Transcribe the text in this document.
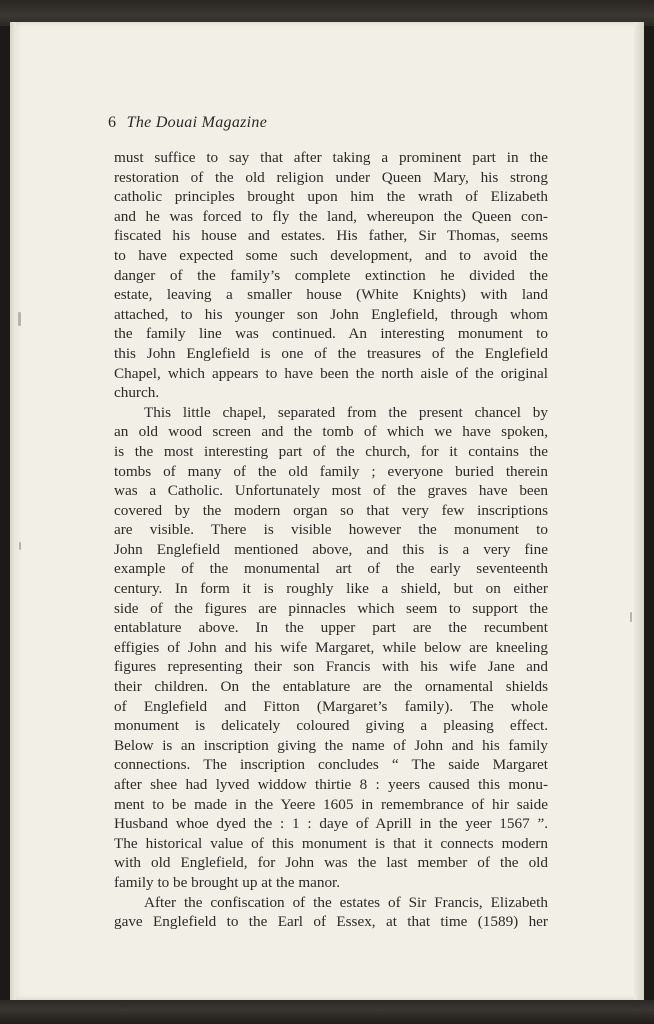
6 The Douai Magazine
must suffice to say that after taking a prominent part in the
restoration of the old religion under Queen Mary, his strong
catholic principles brought upon him the wrath of Elizabeth
and he was forced to fly the land, whereupon the Queen con-
fiscated his house and estates. His father, Sir Thomas, seems
to have expected some such development, and to avoid the
danger of the family’s complete extinction he divided the
estate, leaving a smaller house (White Knights) with land
attached, to his younger son John Englefield, through whom
the family line was continued. An interesting monument to
this John Englefield is one of the treasures of the Englefield
Chapel, which appears to have been the north aisle of the original
church.
This little chapel, separated from the present chancel by
an old wood screen and the tomb of which we have spoken,
is the most interesting part of the church, for it contains the
tombs of many of the old family ; everyone buried therein
was a Catholic. Unfortunately most of the graves have been
covered by the modern organ so that very few inscriptions
are visible. There is visible however the monument to
John Englefield mentioned above, and this is a very fine
example of the monumental art of the early seventeenth
century. In form it is roughly like a shield, but on either
side of the figures are pinnacles which seem to support the
entablature above. In the upper part are the recumbent
effigies of John and his wife Margaret, while below are kneeling
figures representing their son Francis with his wife Jane and
their children. On the entablature are the ornamental shields
of Englefield and Fitton (Margaret’s family). The whole
monument is delicately coloured giving a pleasing effect.
Below is an inscription giving the name of John and his family
connections. The inscription concludes “ The saide Margaret
after shee had lyved widdow thirtie 8 : yeers caused this monu-
ment to be made in the Yeere 1605 in remembrance of hir saide
Husband whoe dyed the : 1 : daye of Aprill in the yeer 1567 ”.
The historical value of this monument is that it connects modern
with old Englefield, for John was the last member of the old
family to be brought up at the manor.
After the confiscation of the estates of Sir Francis, Elizabeth
gave Englefield to the Earl of Essex, at that time (1589) her
